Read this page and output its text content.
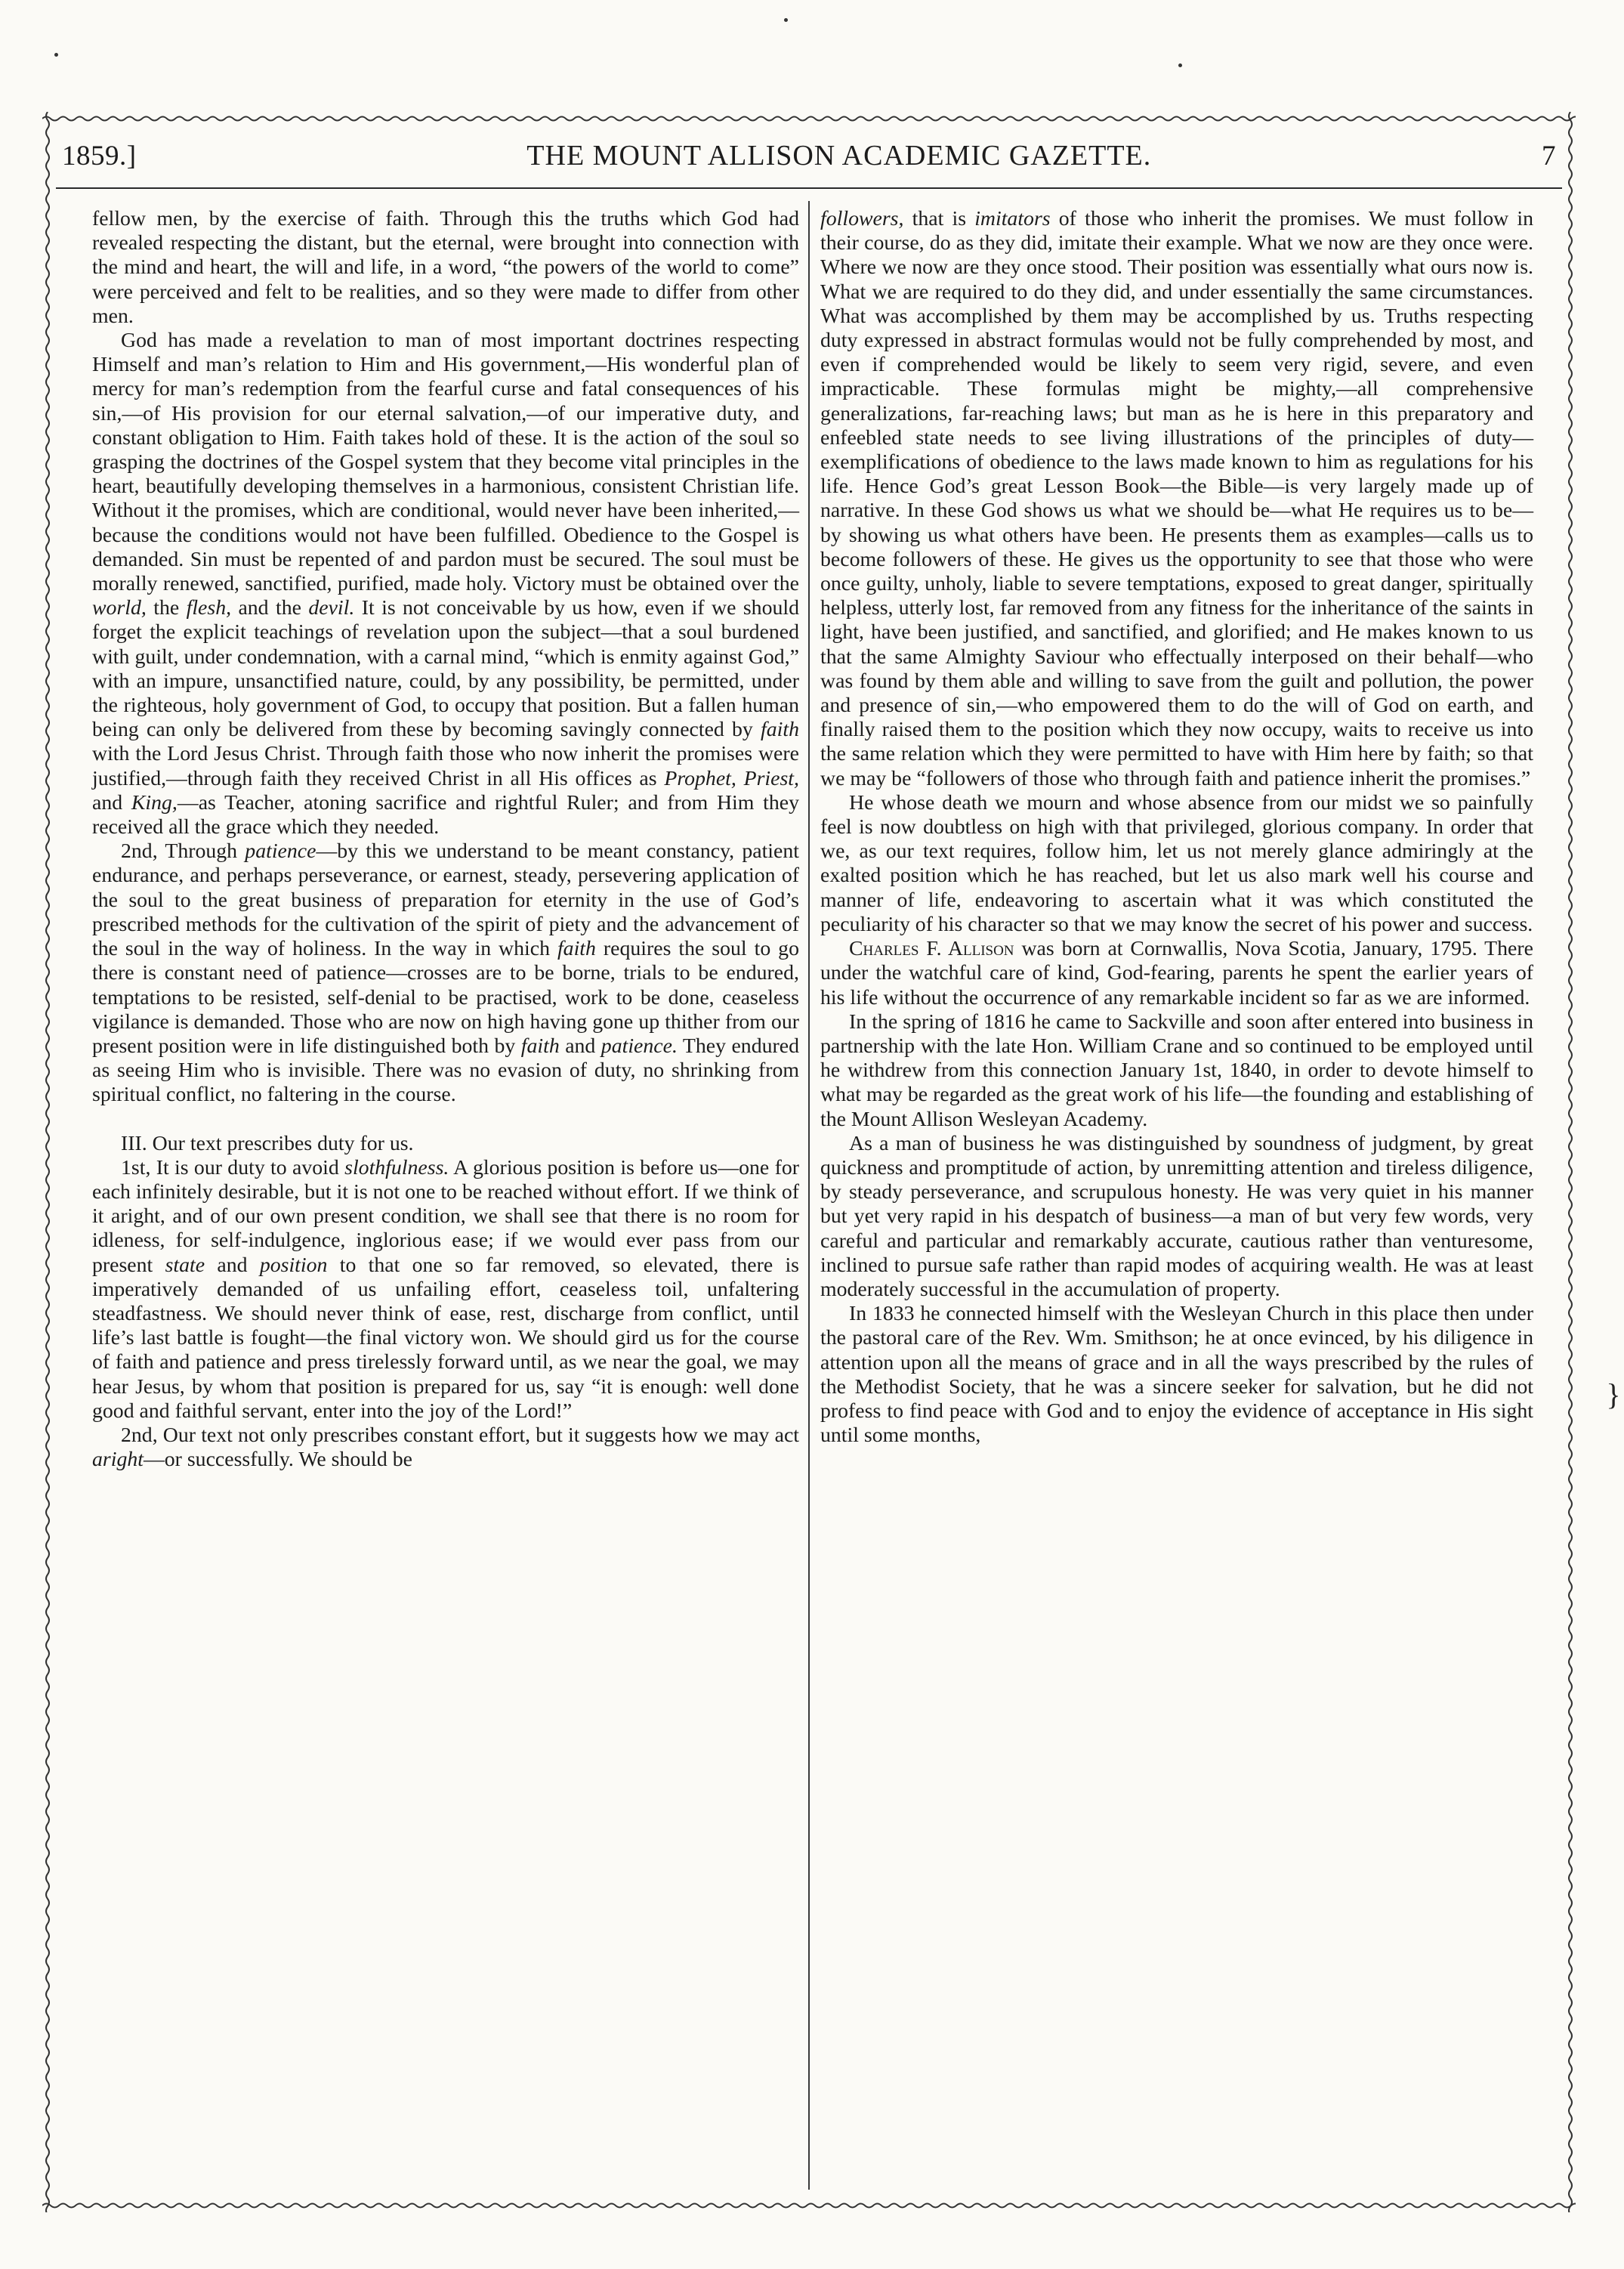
1859.]	THE MOUNT ALLISON ACADEMIC GAZETTE.	7

fellow men, by the exercise of faith. Through this the truths which God had revealed respecting the distant, but the eternal, were brought into connection with the mind and heart, the will and life, in a word, “the powers of the world to come” were perceived and felt to be realities, and so they were made to differ from other men.

God has made a revelation to man of most important doctrines respecting Himself and man’s relation to Him and His government,—His wonderful plan of mercy for man’s redemption from the fearful curse and fatal consequences of his sin,—of His provision for our eternal salvation,—of our imperative duty, and constant obligation to Him. Faith takes hold of these. It is the action of the soul so grasping the doctrines of the Gospel system that they become vital principles in the heart, beautifully developing themselves in a harmonious, consistent Christian life. Without it the promises, which are conditional, would never have been inherited,—because the conditions would not have been fulfilled. Obedience to the Gospel is demanded. Sin must be repented of and pardon must be secured. The soul must be morally renewed, sanctified, purified, made holy. Victory must be obtained over the world, the flesh, and the devil. It is not conceivable by us how, even if we should forget the explicit teachings of revelation upon the subject—that a soul burdened with guilt, under condemnation, with a carnal mind, “which is enmity against God,” with an impure, unsanctified nature, could, by any possibility, be permitted, under the righteous, holy government of God, to occupy that position. But a fallen human being can only be delivered from these by becoming savingly connected by faith with the Lord Jesus Christ. Through faith those who now inherit the promises were justified,—through faith they received Christ in all His offices as Prophet, Priest, and King,—as Teacher, atoning sacrifice and rightful Ruler; and from Him they received all the grace which they needed.

2nd, Through patience—by this we understand to be meant constancy, patient endurance, and perhaps perseverance, or earnest, steady, persevering application of the soul to the great business of preparation for eternity in the use of God’s prescribed methods for the cultivation of the spirit of piety and the advancement of the soul in the way of holiness. In the way in which faith requires the soul to go there is constant need of patience—crosses are to be borne, trials to be endured, temptations to be resisted, self-denial to be practised, work to be done, ceaseless vigilance is demanded. Those who are now on high having gone up thither from our present position were in life distinguished both by faith and patience. They endured as seeing Him who is invisible. There was no evasion of duty, no shrinking from spiritual conflict, no faltering in the course.

III. Our text prescribes duty for us.

1st, It is our duty to avoid slothfulness. A glorious position is before us—one for each infinitely desirable, but it is not one to be reached without effort. If we think of it aright, and of our own present condition, we shall see that there is no room for idleness, for self-indulgence, inglorious ease; if we would ever pass from our present state and position to that one so far removed, so elevated, there is imperatively demanded of us unfailing effort, ceaseless toil, unfaltering steadfastness. We should never think of ease, rest, discharge from conflict, until life’s last battle is fought—the final victory won. We should gird us for the course of faith and patience and press tirelessly forward until, as we near the goal, we may hear Jesus, by whom that position is prepared for us, say “it is enough: well done good and faithful servant, enter into the joy of the Lord!”

2nd, Our text not only prescribes constant effort, but it suggests how we may act aright—or successfully. We should be

followers, that is imitators of those who inherit the promises. We must follow in their course, do as they did, imitate their example. What we now are they once were. Where we now are they once stood. Their position was essentially what ours now is. What we are required to do they did, and under essentially the same circumstances. What was accomplished by them may be accomplished by us. Truths respecting duty expressed in abstract formulas would not be fully comprehended by most, and even if comprehended would be likely to seem very rigid, severe, and even impracticable. These formulas might be mighty,—all comprehensive generalizations, far-reaching laws; but man as he is here in this preparatory and enfeebled state needs to see living illustrations of the principles of duty—exemplifications of obedience to the laws made known to him as regulations for his life. Hence God’s great Lesson Book—the Bible—is very largely made up of narrative. In these God shows us what we should be—what He requires us to be—by showing us what others have been. He presents them as examples—calls us to become followers of these. He gives us the opportunity to see that those who were once guilty, unholy, liable to severe temptations, exposed to great danger, spiritually helpless, utterly lost, far removed from any fitness for the inheritance of the saints in light, have been justified, and sanctified, and glorified; and He makes known to us that the same Almighty Saviour who effectually interposed on their behalf—who was found by them able and willing to save from the guilt and pollution, the power and presence of sin,—who empowered them to do the will of God on earth, and finally raised them to the position which they now occupy, waits to receive us into the same relation which they were permitted to have with Him here by faith; so that we may be “followers of those who through faith and patience inherit the promises.”

He whose death we mourn and whose absence from our midst we so painfully feel is now doubtless on high with that privileged, glorious company. In order that we, as our text requires, follow him, let us not merely glance admiringly at the exalted position which he has reached, but let us also mark well his course and manner of life, endeavoring to ascertain what it was which constituted the peculiarity of his character so that we may know the secret of his power and success.

Charles F. Allison was born at Cornwallis, Nova Scotia, January, 1795. There under the watchful care of kind, God-fearing, parents he spent the earlier years of his life without the occurrence of any remarkable incident so far as we are informed.

In the spring of 1816 he came to Sackville and soon after entered into business in partnership with the late Hon. William Crane and so continued to be employed until he withdrew from this connection January 1st, 1840, in order to devote himself to what may be regarded as the great work of his life—the founding and establishing of the Mount Allison Wesleyan Academy.

As a man of business he was distinguished by soundness of judgment, by great quickness and promptitude of action, by unremitting attention and tireless diligence, by steady perseverance, and scrupulous honesty. He was very quiet in his manner but yet very rapid in his despatch of business—a man of but very few words, very careful and particular and remarkably accurate, cautious rather than venturesome, inclined to pursue safe rather than rapid modes of acquiring wealth. He was at least moderately successful in the accumulation of property.

In 1833 he connected himself with the Wesleyan Church in this place then under the pastoral care of the Rev. Wm. Smithson; he at once evinced, by his diligence in attention upon all the means of grace and in all the ways prescribed by the rules of the Methodist Society, that he was a sincere seeker for salvation, but he did not profess to find peace with God and to enjoy the evidence of acceptance in His sight until some months,

}
